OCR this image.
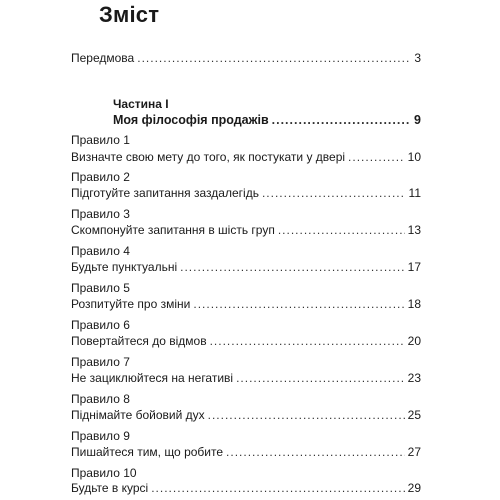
Зміст
Передмова .....	3
Частина I
Моя філософія продажів .....	9
Правило 1
Визначте свою мету до того, як постукати у двері .....	10
Правило 2
Підготуйте запитання заздалегідь .....	11
Правило 3
Скомпонуйте запитання в шість груп .....	13
Правило 4
Будьте пунктуальні .....	17
Правило 5
Розпитуйте про зміни .....	18
Правило 6
Повертайтеся до відмов .....	20
Правило 7
Не зациклюйтеся на негативі .....	23
Правило 8
Піднімайте бойовий дух .....	25
Правило 9
Пишайтеся тим, що робите .....	27
Правило 10
Будьте в курсі .....	29
